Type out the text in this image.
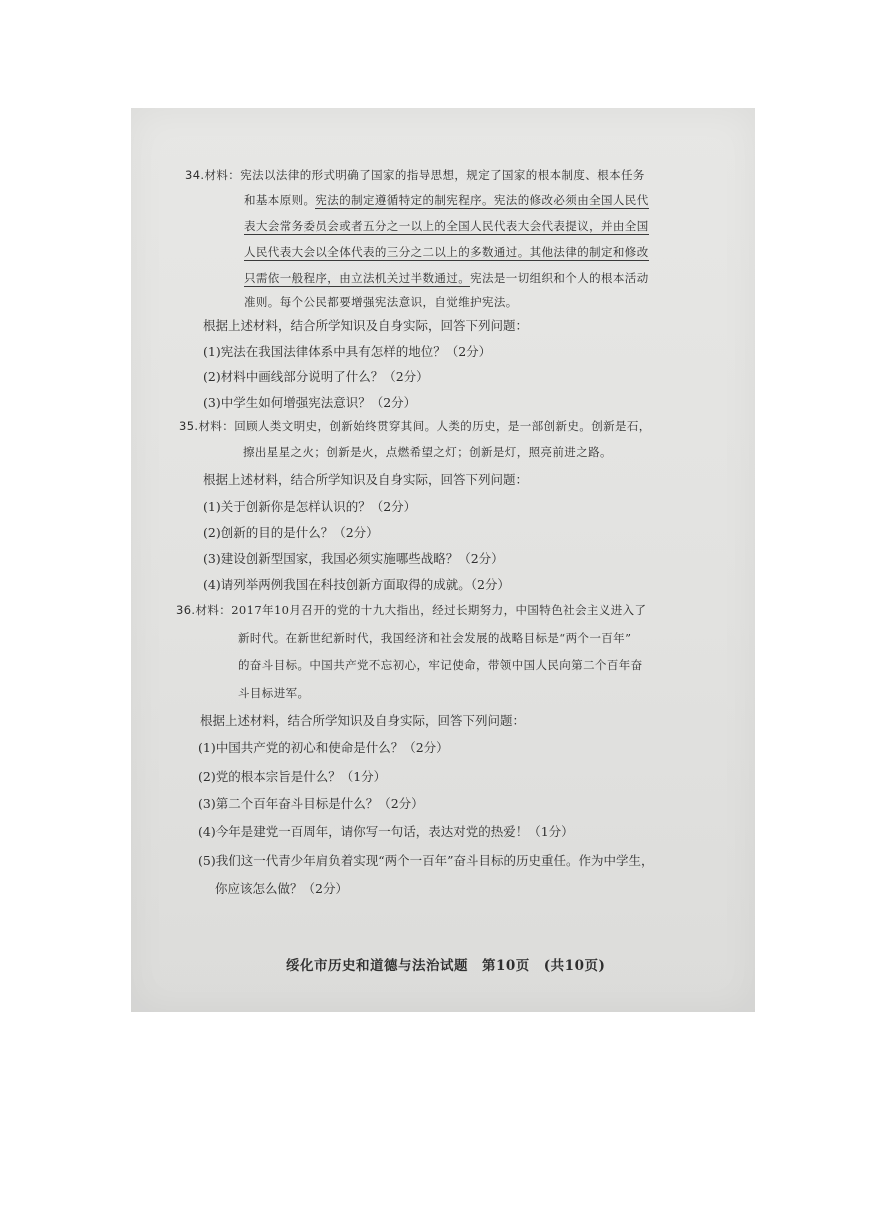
34.材料：宪法以法律的形式明确了国家的指导思想，规定了国家的根本制度、根本任务
和基本原则。宪法的制定遵循特定的制宪程序。宪法的修改必须由全国人民代
表大会常务委员会或者五分之一以上的全国人民代表大会代表提议，并由全国
人民代表大会以全体代表的三分之二以上的多数通过。其他法律的制定和修改
只需依一般程序，由立法机关过半数通过。宪法是一切组织和个人的根本活动
准则。每个公民都要增强宪法意识，自觉维护宪法。
根据上述材料，结合所学知识及自身实际，回答下列问题：
(1)宪法在我国法律体系中具有怎样的地位？（2分）
(2)材料中画线部分说明了什么？（2分）
(3)中学生如何增强宪法意识？（2分）
35.材料：回顾人类文明史，创新始终贯穿其间。人类的历史，是一部创新史。创新是石，
擦出星星之火；创新是火，点燃希望之灯；创新是灯，照亮前进之路。
根据上述材料，结合所学知识及自身实际，回答下列问题：
(1)关于创新你是怎样认识的？（2分）
(2)创新的目的是什么？（2分）
(3)建设创新型国家，我国必须实施哪些战略？（2分）
(4)请列举两例我国在科技创新方面取得的成就。（2分）
36.材料：2017年10月召开的党的十九大指出，经过长期努力，中国特色社会主义进入了
新时代。在新世纪新时代，我国经济和社会发展的战略目标是“两个一百年”
的奋斗目标。中国共产党不忘初心，牢记使命，带领中国人民向第二个百年奋
斗目标进军。
根据上述材料，结合所学知识及自身实际，回答下列问题：
(1)中国共产党的初心和使命是什么？（2分）
(2)党的根本宗旨是什么？（1分）
(3)第二个百年奋斗目标是什么？（2分）
(4)今年是建党一百周年，请你写一句话，表达对党的热爱！（1分）
(5)我们这一代青少年肩负着实现“两个一百年”奋斗目标的历史重任。作为中学生，
你应该怎么做？（2分）
绥化市历史和道德与法治试题　第10页　(共10页)
